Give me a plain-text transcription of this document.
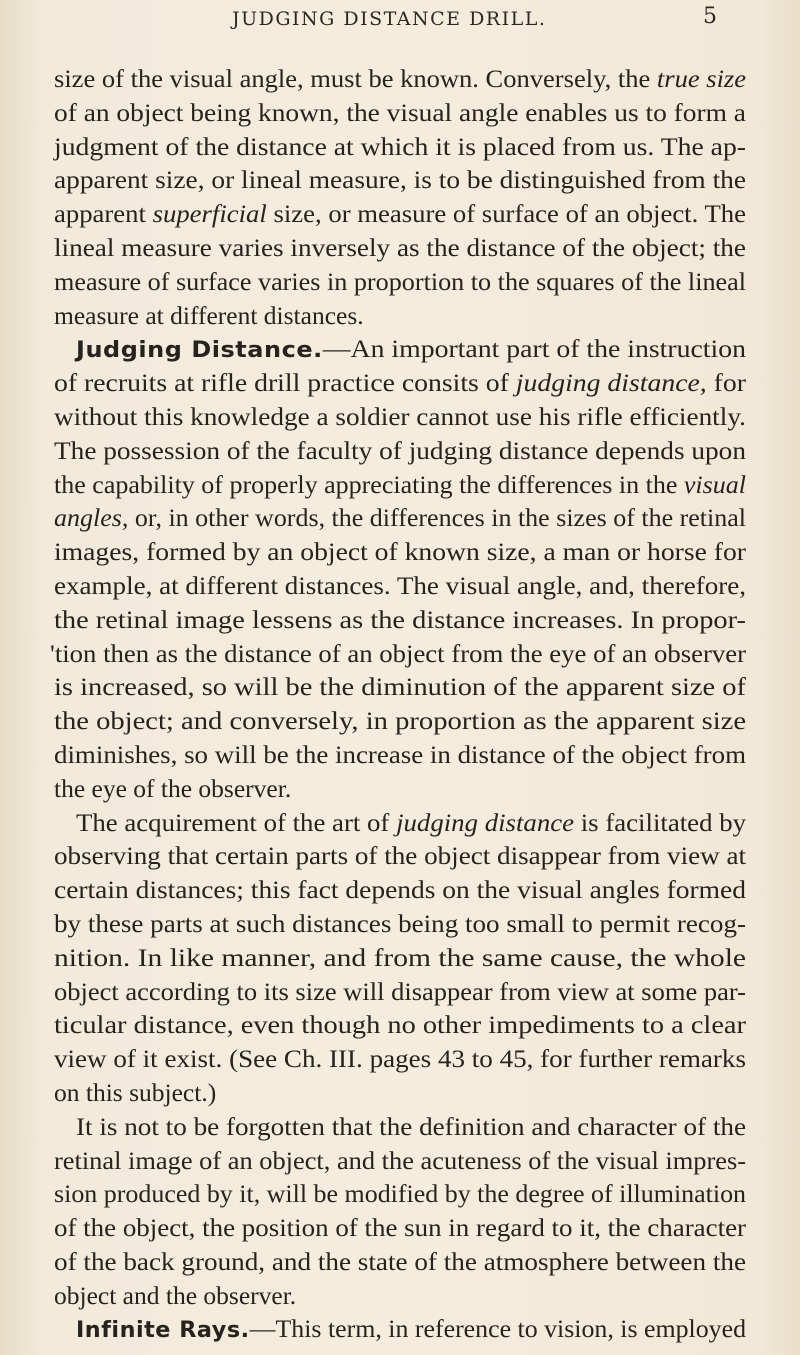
JUDGING DISTANCE DRILL.	5
size of the visual angle, must be known. Conversely, the true size
of an object being known, the visual angle enables us to form a
judgment of the distance at which it is placed from us. The ap-
apparent size, or lineal measure, is to be distinguished from the
apparent superficial size, or measure of surface of an object. The
lineal measure varies inversely as the distance of the object; the
measure of surface varies in proportion to the squares of the lineal
measure at different distances.
Judging Distance.—An important part of the instruction
of recruits at rifle drill practice consits of judging distance, for
without this knowledge a soldier cannot use his rifle efficiently.
The possession of the faculty of judging distance depends upon
the capability of properly appreciating the differences in the visual
angles, or, in other words, the differences in the sizes of the retinal
images, formed by an object of known size, a man or horse for
example, at different distances. The visual angle, and, therefore,
the retinal image lessens as the distance increases. In propor-
'tion then as the distance of an object from the eye of an observer
is increased, so will be the diminution of the apparent size of
the object; and conversely, in proportion as the apparent size
diminishes, so will be the increase in distance of the object from
the eye of the observer.
The acquirement of the art of judging distance is facilitated by
observing that certain parts of the object disappear from view at
certain distances; this fact depends on the visual angles formed
by these parts at such distances being too small to permit recog-
nition. In like manner, and from the same cause, the whole
object according to its size will disappear from view at some par-
ticular distance, even though no other impediments to a clear
view of it exist. (See Ch. III. pages 43 to 45, for further remarks
on this subject.)
It is not to be forgotten that the definition and character of the
retinal image of an object, and the acuteness of the visual impres-
sion produced by it, will be modified by the degree of illumination
of the object, the position of the sun in regard to it, the character
of the back ground, and the state of the atmosphere between the
object and the observer.
Infinite Rays.—This term, in reference to vision, is employed
